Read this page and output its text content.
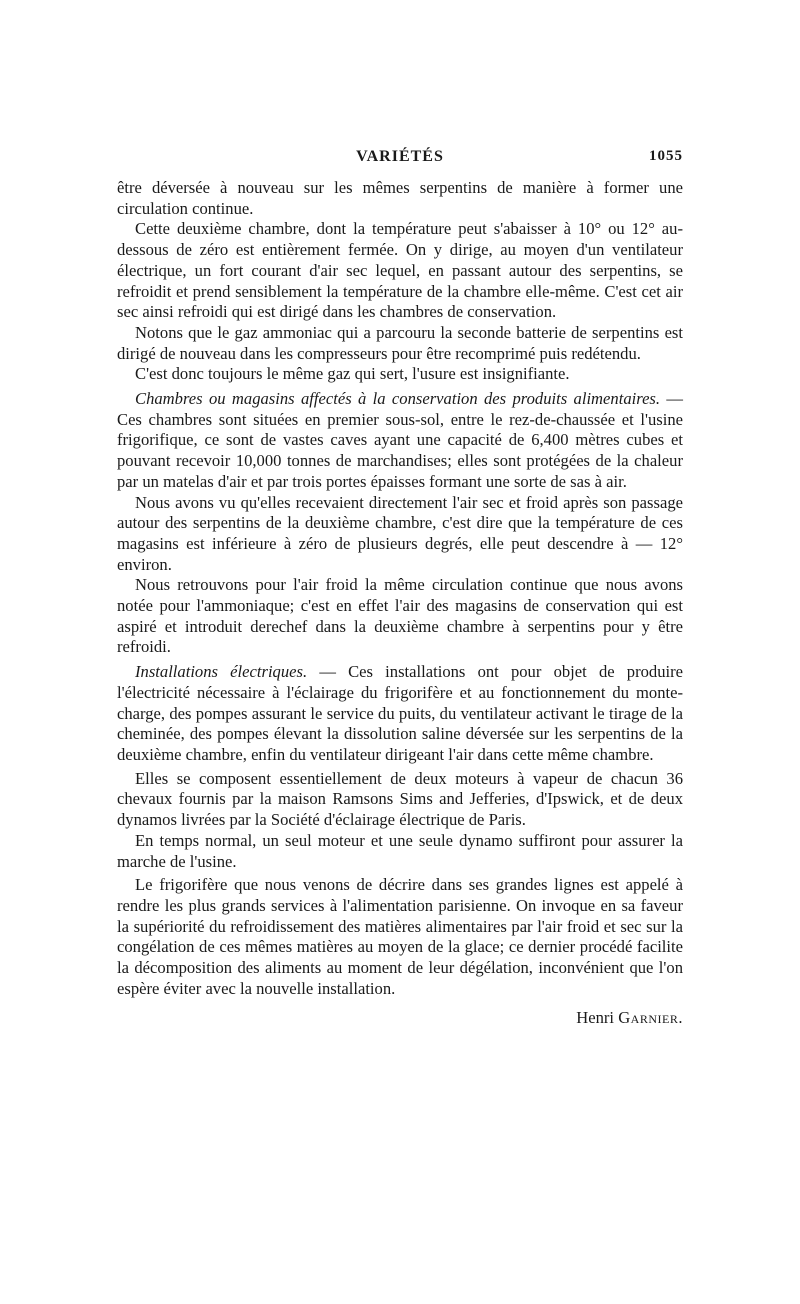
VARIÉTÉS	1055

être déversée à nouveau sur les mêmes serpentins de manière à former une circulation continue.

Cette deuxième chambre, dont la température peut s'abaisser à 10° ou 12° au-dessous de zéro est entièrement fermée. On y dirige, au moyen d'un ventilateur électrique, un fort courant d'air sec lequel, en passant autour des serpentins, se refroidit et prend sensiblement la température de la chambre elle-même. C'est cet air sec ainsi refroidi qui est dirigé dans les chambres de conservation.

Notons que le gaz ammoniac qui a parcouru la seconde batterie de serpentins est dirigé de nouveau dans les compresseurs pour être recomprimé puis redétendu.

C'est donc toujours le même gaz qui sert, l'usure est insignifiante.

Chambres ou magasins affectés à la conservation des produits alimentaires. — Ces chambres sont situées en premier sous-sol, entre le rez-de-chaussée et l'usine frigorifique, ce sont de vastes caves ayant une capacité de 6,400 mètres cubes et pouvant recevoir 10,000 tonnes de marchandises; elles sont protégées de la chaleur par un matelas d'air et par trois portes épaisses formant une sorte de sas à air.

Nous avons vu qu'elles recevaient directement l'air sec et froid après son passage autour des serpentins de la deuxième chambre, c'est dire que la température de ces magasins est inférieure à zéro de plusieurs degrés, elle peut descendre à — 12° environ.

Nous retrouvons pour l'air froid la même circulation continue que nous avons notée pour l'ammoniaque; c'est en effet l'air des magasins de conservation qui est aspiré et introduit derechef dans la deuxième chambre à serpentins pour y être refroidi.

Installations électriques. — Ces installations ont pour objet de produire l'électricité nécessaire à l'éclairage du frigorifère et au fonctionnement du monte-charge, des pompes assurant le service du puits, du ventilateur activant le tirage de la cheminée, des pompes élevant la dissolution saline déversée sur les serpentins de la deuxième chambre, enfin du ventilateur dirigeant l'air dans cette même chambre.

Elles se composent essentiellement de deux moteurs à vapeur de chacun 36 chevaux fournis par la maison Ramsons Sims and Jefferies, d'Ipswick, et de deux dynamos livrées par la Société d'éclairage électrique de Paris.

En temps normal, un seul moteur et une seule dynamo suffiront pour assurer la marche de l'usine.

Le frigorifère que nous venons de décrire dans ses grandes lignes est appelé à rendre les plus grands services à l'alimentation parisienne. On invoque en sa faveur la supériorité du refroidissement des matières alimentaires par l'air froid et sec sur la congélation de ces mêmes matières au moyen de la glace; ce dernier procédé facilite la décomposition des aliments au moment de leur dégélation, inconvénient que l'on espère éviter avec la nouvelle installation.

Henri Garnier.
